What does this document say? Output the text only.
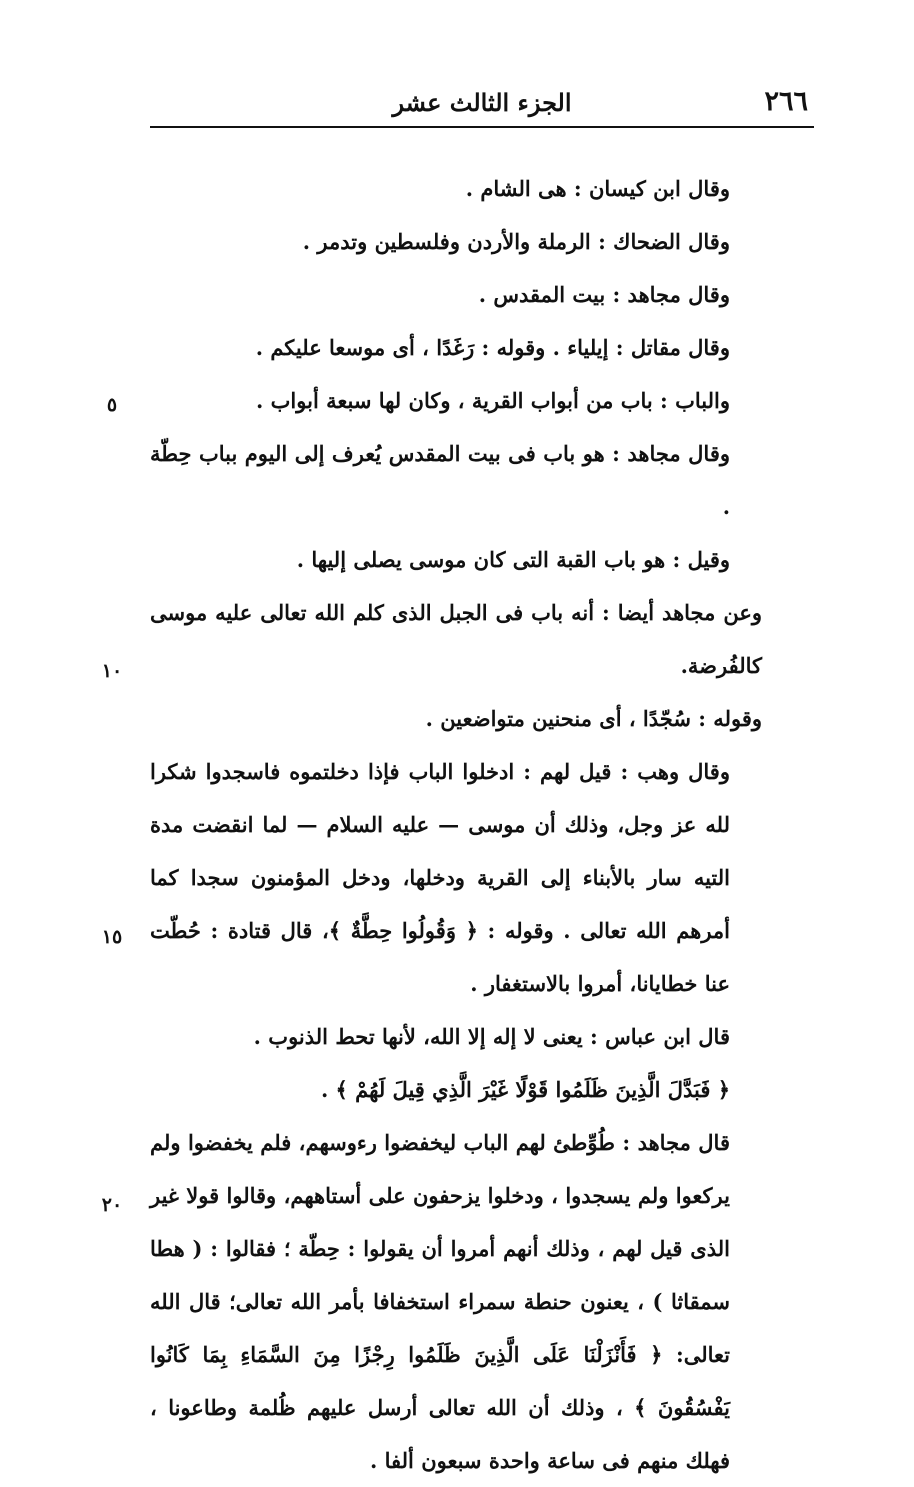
٢٦٦
الجزء الثالث عشر

وقال ابن كيسان : هى الشام .

وقال الضحاك : الرملة والأردن وفلسطين وتدمر .

وقال مجاهد : بيت المقدس .

وقال مقاتل : إيلياء . وقوله : رَغَدًا ، أى موسعا عليكم .

والباب : باب من أبواب القرية ، وكان لها سبعة أبواب .

وقال مجاهد : هو باب فى بيت المقدس يُعرف إلى اليوم بباب حِطّة .

وقيل : هو باب القبة التى كان موسى يصلى إليها .

وعن مجاهد أيضا : أنه باب فى الجبل الذى كلم الله تعالى عليه موسى كالفُرضة.

وقوله : سُجّدًا ، أى منحنين متواضعين .

وقال وهب : قيل لهم : ادخلوا الباب فإذا دخلتموه فاسجدوا شكرا لله عز وجل، وذلك أن موسى — عليه السلام — لما انقضت مدة التيه سار بالأبناء إلى القرية ودخلها، ودخل المؤمنون سجدا كما أمرهم الله تعالى . وقوله : ﴿ وَقُولُوا حِطَّةٌ ﴾، قال قتادة : حُطّت عنا خطايانا، أمروا بالاستغفار .

قال ابن عباس : يعنى لا إله إلا الله، لأنها تحط الذنوب .

﴿ فَبَدَّلَ الَّذِينَ ظَلَمُوا قَوْلًا غَيْرَ الَّذِي قِيلَ لَهُمْ ﴾ .

قال مجاهد : طُوِّطئ لهم الباب ليخفضوا رءوسهم، فلم يخفضوا ولم يركعوا ولم يسجدوا ، ودخلوا يزحفون على أستاههم، وقالوا قولا غير الذى قيل لهم ، وذلك أنهم أمروا أن يقولوا : حِطّة ؛ فقالوا : ( هطا سمقاثا ) ، يعنون حنطة سمراء استخفافا بأمر الله تعالى؛ قال الله تعالى: ﴿ فَأَنْزَلْنَا عَلَى الَّذِينَ ظَلَمُوا رِجْزًا مِنَ السَّمَاءِ بِمَا كَانُوا يَفْسُقُونَ ﴾ ، وذلك أن الله تعالى أرسل عليهم ظُلمة وطاعونا ، فهلك منهم فى ساعة واحدة سبعون ألفا .

٥
١٠
١٥
٢٠
